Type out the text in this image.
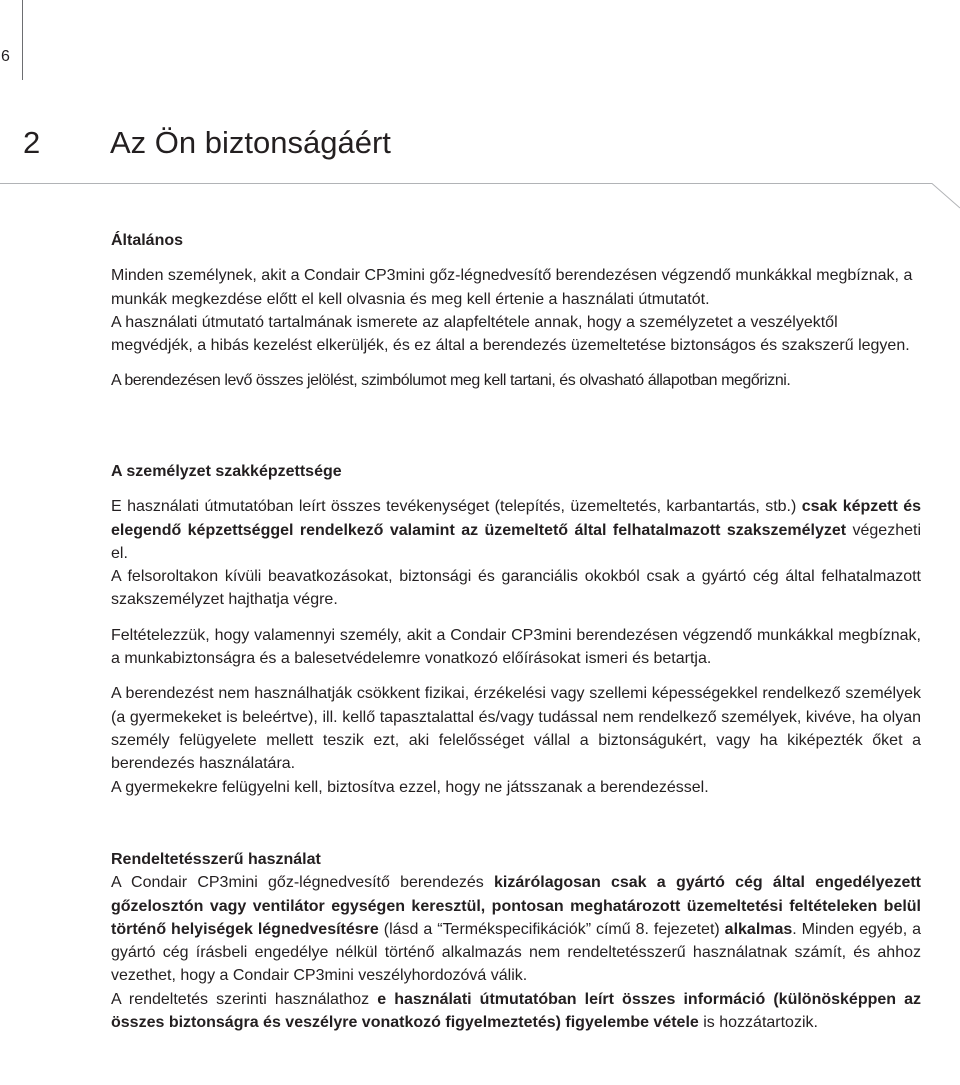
6
2 Az Ön biztonságáért
Általános

Minden személynek, akit a Condair CP3mini gőz-légnedvesítő berendezésen végzendő munkákkal megbíznak, a munkák megkezdése előtt el kell olvasnia és meg kell értenie a használati útmutatót.

A használati útmutató tartalmának ismerete az alapfeltétele annak, hogy a személyzetet a veszélyektől megvédjék, a hibás kezelést elkerüljék, és ez által a berendezés üzemeltetése biztonságos és szakszerű legyen.

A berendezésen levő összes jelölést, szimbólumot meg kell tartani, és olvasható állapotban megőrizni.

A személyzet szakképzettsége

E használati útmutatóban leírt összes tevékenységet (telepítés, üzemeltetés, karbantartás, stb.) csak képzett és elegendő képzettséggel rendelkező valamint az üzemeltető által felhatalmazott szakszemélyzet végezheti el.

A felsoroltakon kívüli beavatkozásokat, biztonsági és garanciális okokból csak a gyártó cég által felhatalmazott szakszemélyzet hajthatja végre.

Feltételezzük, hogy valamennyi személy, akit a Condair CP3mini berendezésen végzendő munkákkal megbíznak, a munkabiztonságra és a balesetvédelemre vonatkozó előírásokat ismeri és betartja.

A berendezést nem használhatják csökkent fizikai, érzékelési vagy szellemi képességekkel rendelkező személyek (a gyermekeket is beleértve), ill. kellő tapasztalattal és/vagy tudással nem rendelkező személyek, kivéve, ha olyan személy felügyelete mellett teszik ezt, aki felelősséget vállal a biztonságukért, vagy ha kiképezték őket a berendezés használatára.

A gyermekekre felügyelni kell, biztosítva ezzel, hogy ne játsszanak a berendezéssel.

Rendeltetésszerű használat

A Condair CP3mini gőz-légnedvesítő berendezés kizárólagosan csak a gyártó cég által engedélyezett gőzelosztón vagy ventilátor egységen keresztül, pontosan meghatározott üzemeltetési feltételeken belül történő helyiségek légnedvesítésre (lásd a “Termékspecifikációk” című 8. fejezetet) alkalmas. Minden egyéb, a gyártó cég írásbeli engedélye nélkül történő alkalmazás nem rendeltetésszerű használatnak számít, és ahhoz vezethet, hogy a Condair CP3mini veszélyhordozóvá válik.

A rendeltetés szerinti használathoz e használati útmutatóban leírt összes információ (különösképpen az összes biztonságra és veszélyre vonatkozó figyelmeztetés) figyelembe vétele is hozzátartozik.
